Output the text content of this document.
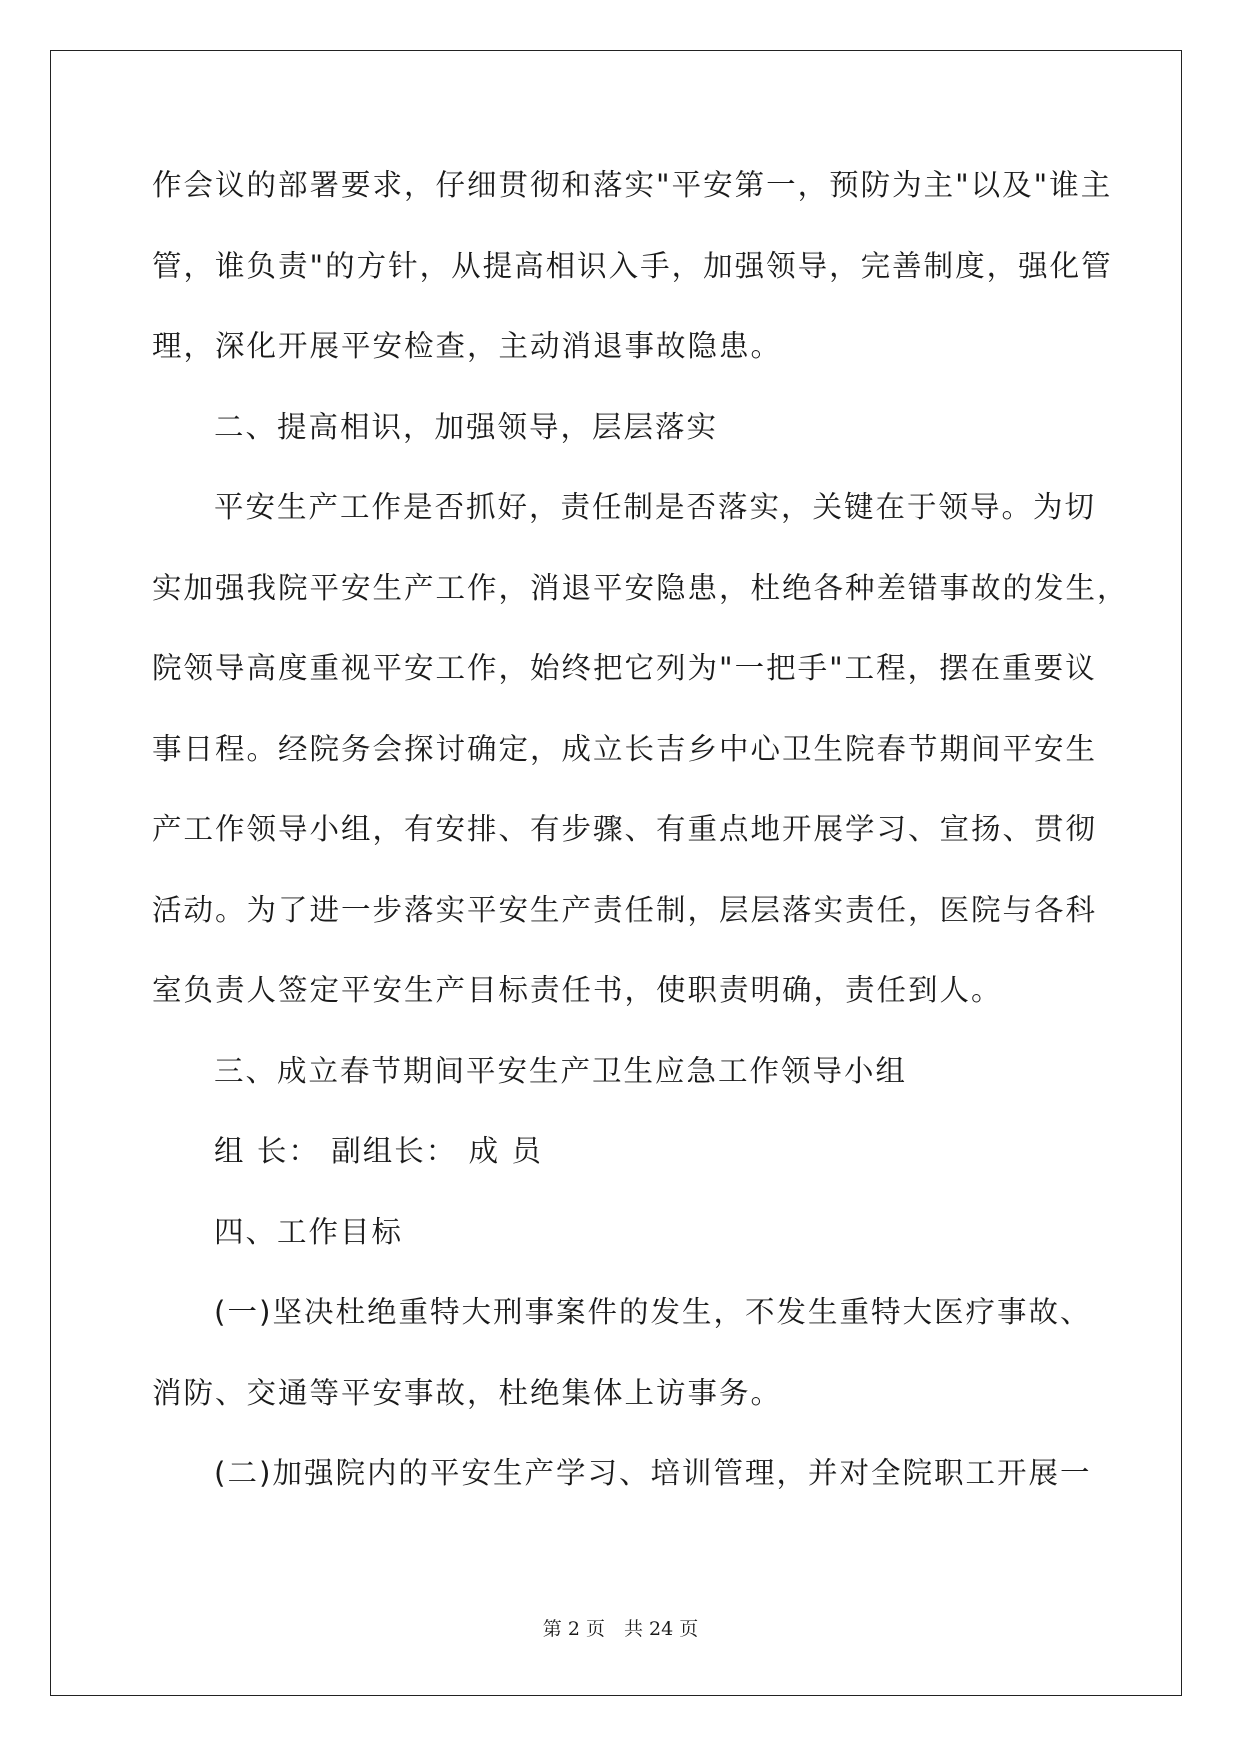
作会议的部署要求，仔细贯彻和落实"平安第一，预防为主"以及"谁主
管，谁负责"的方针，从提高相识入手，加强领导，完善制度，强化管
理，深化开展平安检查，主动消退事故隐患。
二、提高相识，加强领导，层层落实
平安生产工作是否抓好，责任制是否落实，关键在于领导。为切
实加强我院平安生产工作，消退平安隐患，杜绝各种差错事故的发生，
院领导高度重视平安工作，始终把它列为"一把手"工程，摆在重要议
事日程。经院务会探讨确定，成立长吉乡中心卫生院春节期间平安生
产工作领导小组，有安排、有步骤、有重点地开展学习、宣扬、贯彻
活动。为了进一步落实平安生产责任制，层层落实责任，医院与各科
室负责人签定平安生产目标责任书，使职责明确，责任到人。
三、成立春节期间平安生产卫生应急工作领导小组
组 长： 副组长： 成 员
四、工作目标
(一)坚决杜绝重特大刑事案件的发生，不发生重特大医疗事故、
消防、交通等平安事故，杜绝集体上访事务。
(二)加强院内的平安生产学习、培训管理，并对全院职工开展一
第 2 页　共 24 页
